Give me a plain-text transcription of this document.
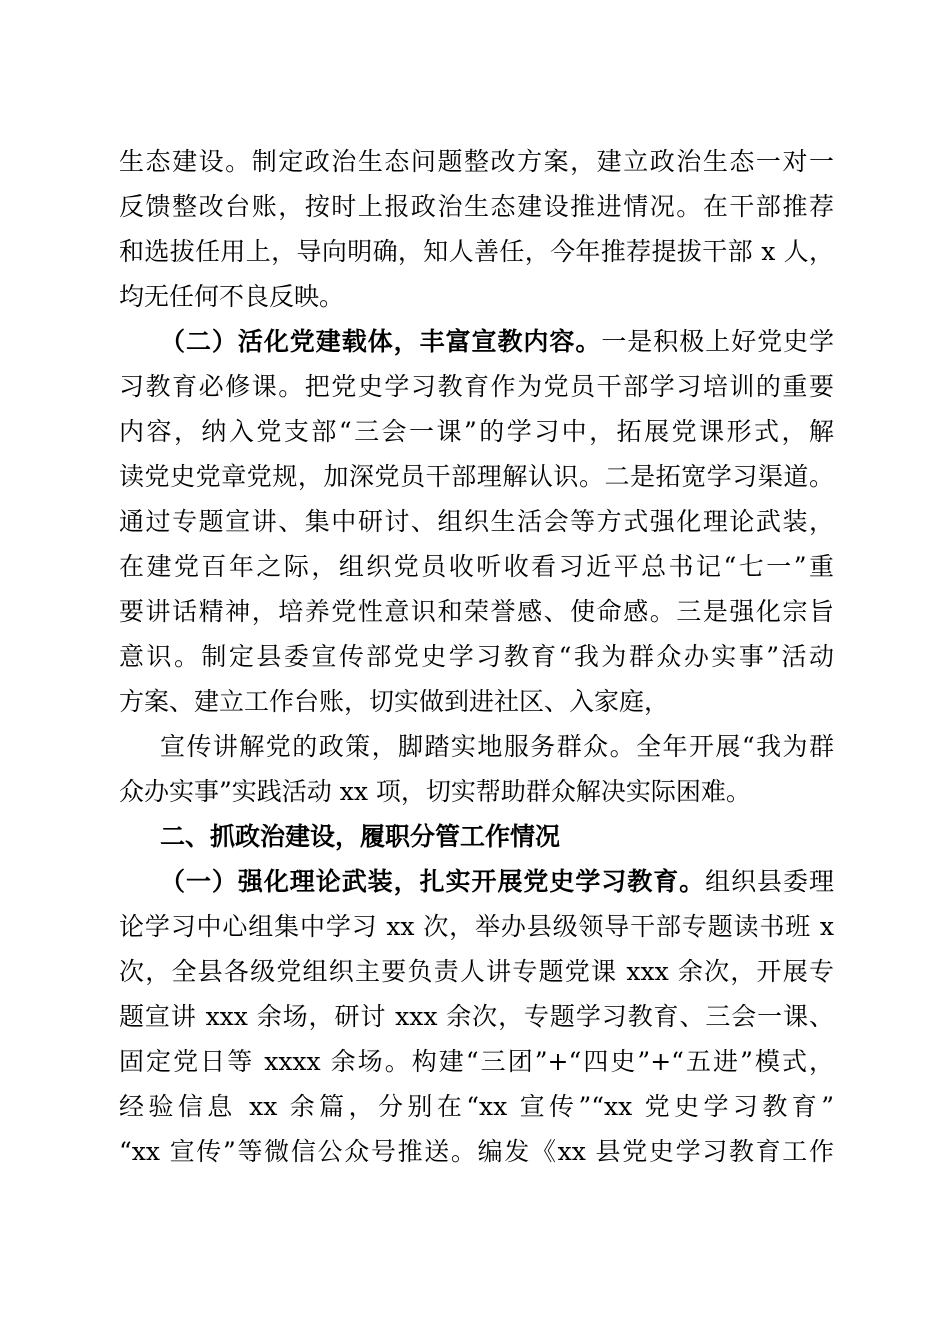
生态建设。制定政治生态问题整改方案，建立政治生态一对一
反馈整改台账，按时上报政治生态建设推进情况。在干部推荐
和选拔任用上，导向明确，知人善任，今年推荐提拔干部 x 人，
均无任何不良反映。
（二）活化党建载体，丰富宣教内容。一是积极上好党史学
习教育必修课。把党史学习教育作为党员干部学习培训的重要
内容，纳入党支部“三会一课”的学习中，拓展党课形式，解
读党史党章党规，加深党员干部理解认识。二是拓宽学习渠道。
通过专题宣讲、集中研讨、组织生活会等方式强化理论武装，
在建党百年之际，组织党员收听收看习近平总书记“七一”重
要讲话精神，培养党性意识和荣誉感、使命感。三是强化宗旨
意识。制定县委宣传部党史学习教育“我为群众办实事”活动
方案、建立工作台账，切实做到进社区、入家庭，
宣传讲解党的政策，脚踏实地服务群众。全年开展“我为群
众办实事”实践活动 xx 项，切实帮助群众解决实际困难。
二、抓政治建设，履职分管工作情况
（一）强化理论武装，扎实开展党史学习教育。组织县委理
论学习中心组集中学习 xx 次，举办县级领导干部专题读书班 x
次，全县各级党组织主要负责人讲专题党课 xxx 余次，开展专
题宣讲 xxx 余场，研讨 xxx 余次，专题学习教育、三会一课、
固定党日等 xxxx 余场。构建“三团”+“四史”+“五进”模式，
经验信息 xx 余篇，分别在“xx 宣传”“xx 党史学习教育”
“xx 宣传”等微信公众号推送。编发《xx 县党史学习教育工作
